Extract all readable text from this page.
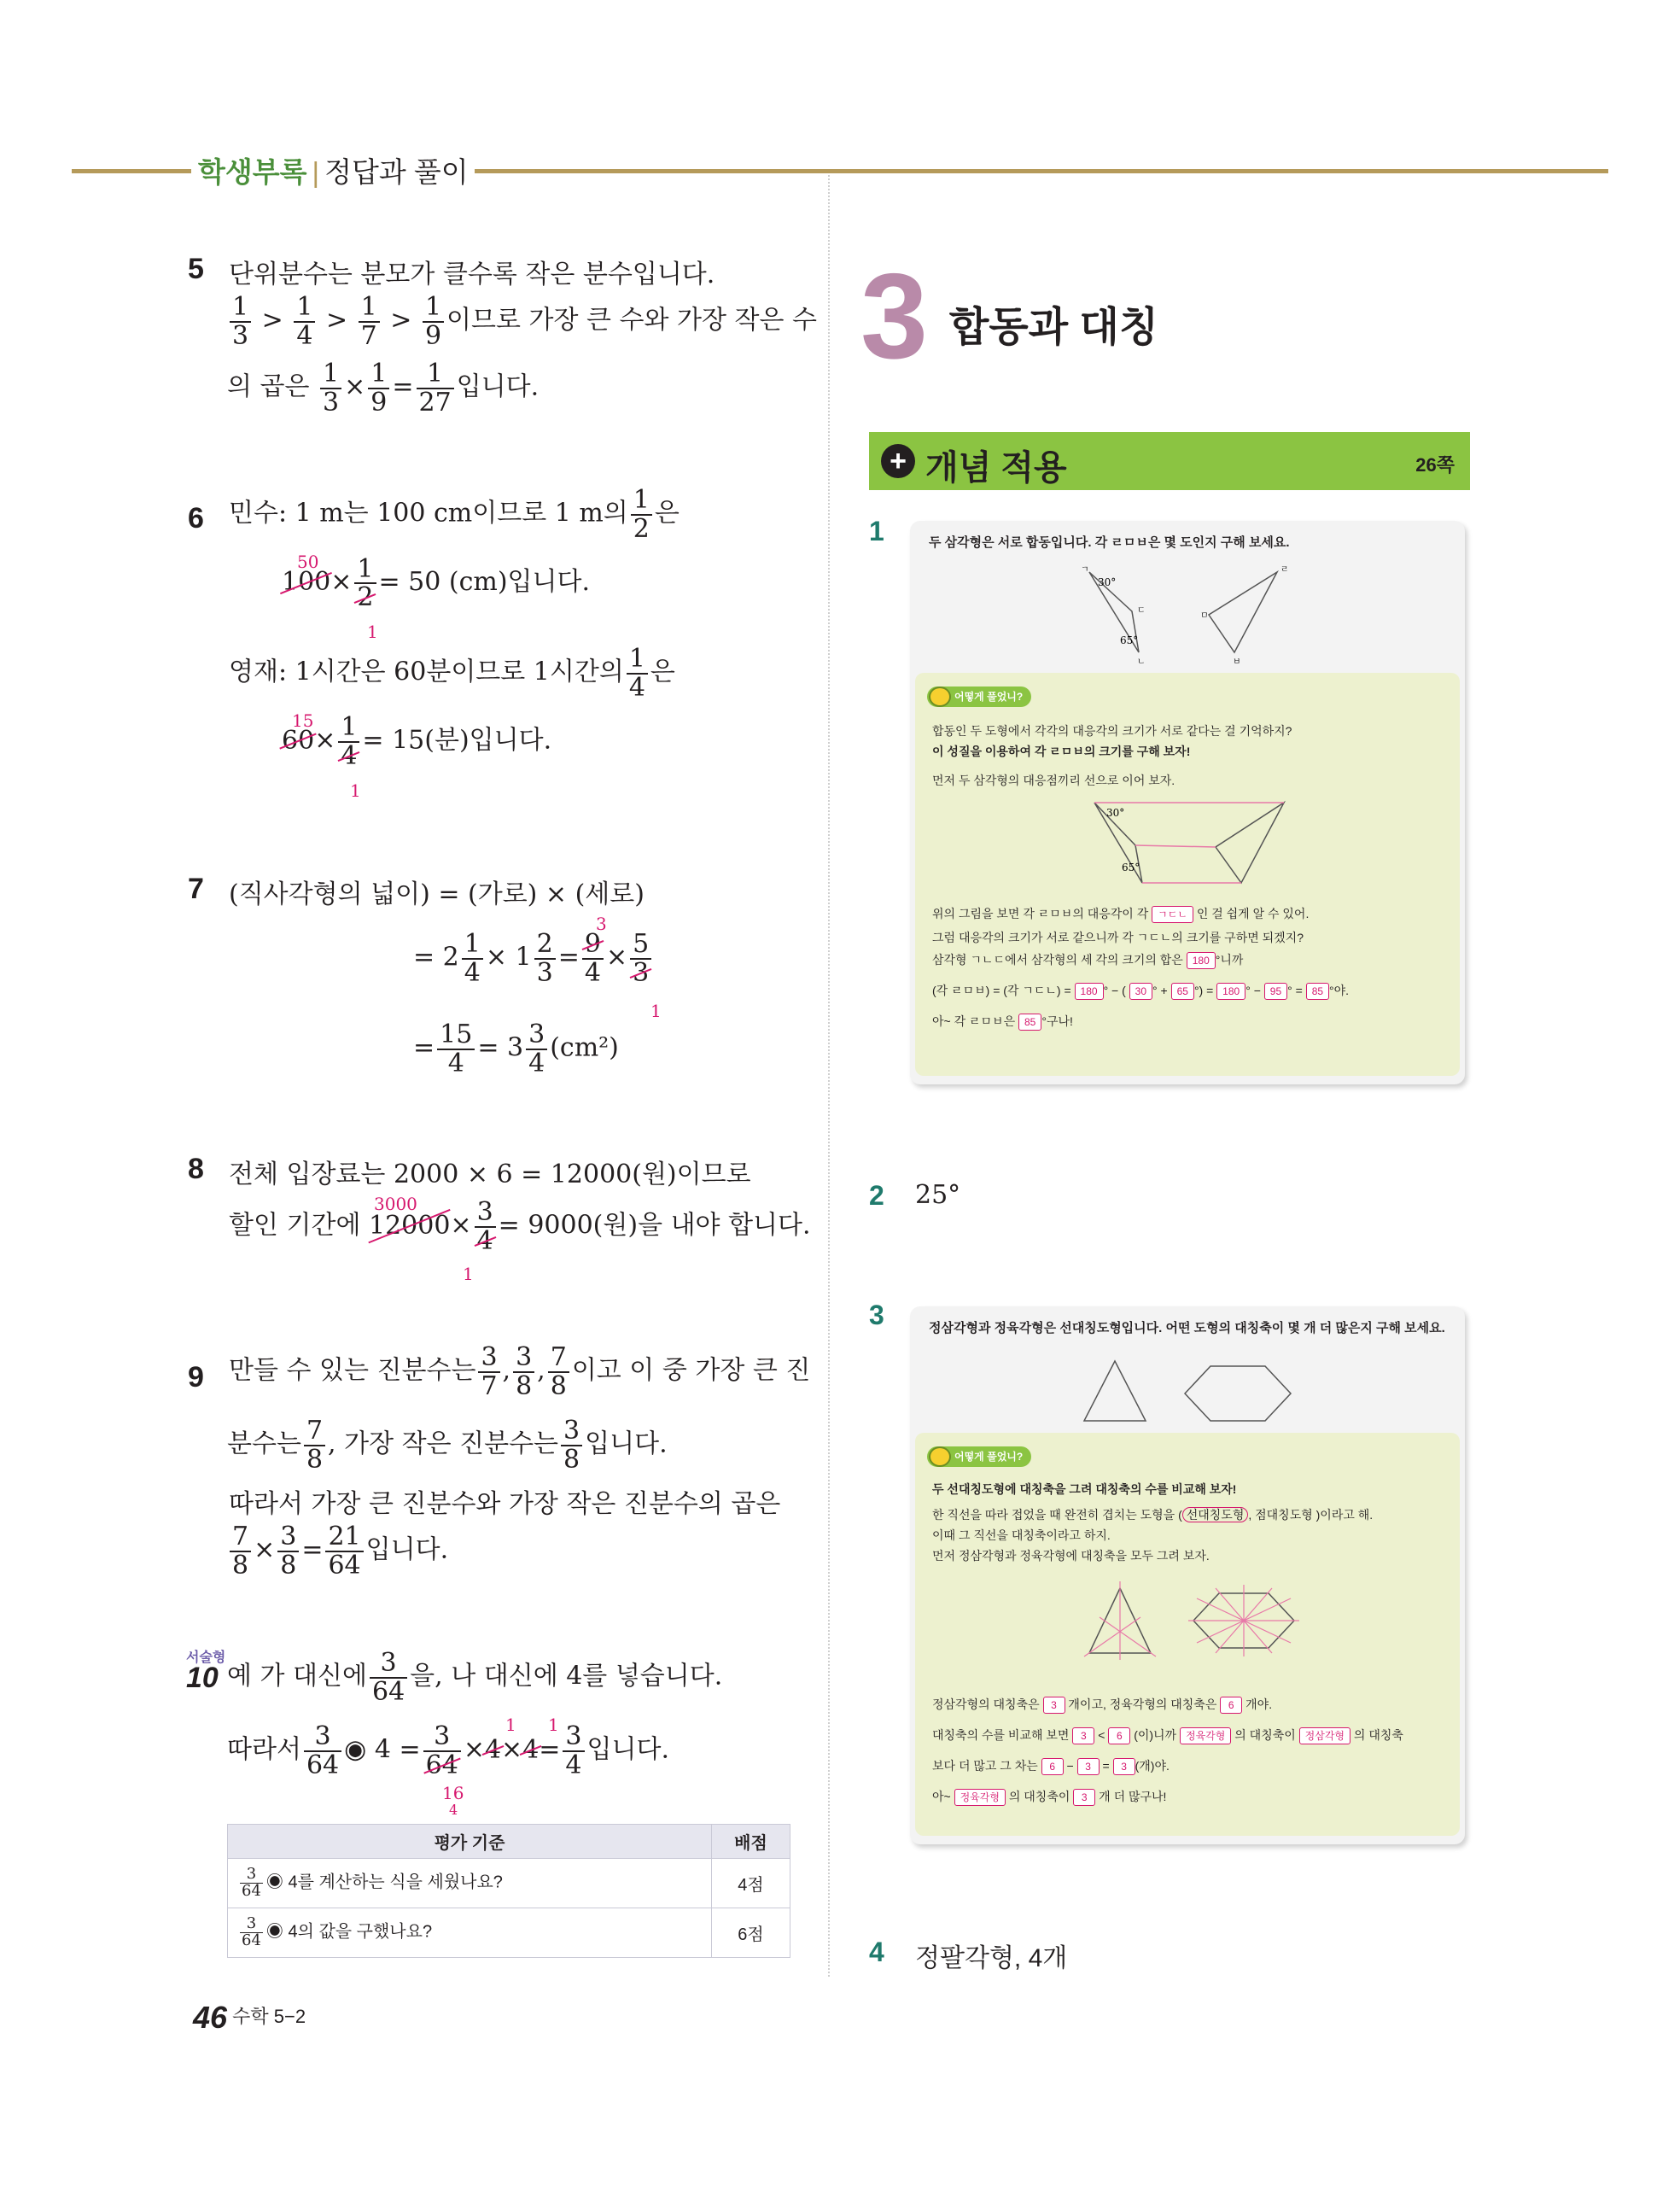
학생부록 | 정답과 풀이
5 단위분수는 분모가 클수록 작은 분수입니다.
$\frac{1}{3} > \frac{1}{4} > \frac{1}{7} > \frac{1}{9}$ 이므로 가장 큰 수와 가장 작은 수
의 곱은 $\frac{1}{3} \times \frac{1}{9} = \frac{1}{27}$ 입니다.
6 민수: 1 m는 100 cm이므로 1 m의 $\frac{1}{2}$ 은
50
$100\times \frac{1}{2} = 50$ (cm)입니다.
1
영재: 1시간은 60분이므로 1시간의 $\frac{1}{4}$ 은
15
$60\times \frac{1}{4} = 15$(분)입니다.
1
7 (직사각형의 넓이) = (가로) × (세로)
= $2 \frac{1}{4} \times 1 \frac{2}{3} = \frac{9}{4} \times \frac{5}{3}$
3
1
= $\frac{15}{4} = 3 \frac{3}{4} (cm^2)$
8 전체 입장료는 2000 × 6 = 12000(원)이므로
할인 기간에
3000
$12000\times \frac{3}{4} = 9000$(원)을 내야 합니다.
1
9 만들 수 있는 진분수는 $\frac{3}{7}$ , $\frac{3}{8}$ , $\frac{7}{8}$ 이고 이 중 가장 큰 진
분수는 $\frac{7}{8}$ , 가장 작은 진분수는 $\frac{3}{8}$ 입니다.
따라서 가장 큰 진분수와 가장 작은 진분수의 곱은
$\frac{7}{8} \times \frac{3}{8} = \frac{21}{64}$ 입니다.
서술형
10 예 가 대신에 $\frac{3}{64}$ 을, 나 대신에 4를 넣습니다.
따라서 $\frac{3}{64}$ ◉ $4 = \frac{3}{64} \times 4\times 4= \frac{3}{4}$ 입니다.
1 1
16
4
평가 기준	배점

$\frac{3}{64}$ ◉ 4를 계산하는 식을 세웠나요?	4점

$\frac{3}{64}$ ◉ 4의 값을 구했나요?	6점
46 수학 5−2
3 합동과 대칭
+ 개념 적용	26쪽
1	두 삼각형은 서로 합동입니다. 각 ㄹㅁㅂ은 몇 도인지 구해 보세요.
ㄱ
ㄴ
ㄷ
ㄹ
ㅁ
ㅂ
30°
65°
어떻게 풀었니?
합동인 두 도형에서 각각의 대응각의 크기가 서로 같다는 걸 기억하지?
이 성질을 이용하여 각 ㄹㅁㅂ의 크기를 구해 보자!
먼저 두 삼각형의 대응점끼리 선으로 이어 보자.
30°
65°
위의 그림을 보면 각 ㄹㅁㅂ의 대응각이 각 ㄱㄷㄴ 인 걸 쉽게 알 수 있어.
그럼 대응각의 크기가 서로 같으니까 각 ㄱㄷㄴ의 크기를 구하면 되겠지?
삼각형 ㄱㄴㄷ에서 삼각형의 세 각의 크기의 합은 180 °니까
(각 ㄹㅁㅂ) = (각 ㄱㄷㄴ) = 180 ° − ( 30 ° + 65 °) = 180 ° − 95 ° = 85 °야.
아~ 각 ㄹㅁㅂ은 85 °구나!
2 25°
3	정삼각형과 정육각형은 선대칭도형입니다. 어떤 도형의 대칭축이 몇 개 더 많은지 구해 보세요.
어떻게 풀었니?
두 선대칭도형에 대칭축을 그려 대칭축의 수를 비교해 보자!
한 직선을 따라 접었을 때 완전히 겹치는 도형을 ( 선대칭도형 , 점대칭도형 )이라고 해.
이때 그 직선을 대칭축이라고 하지.
먼저 정삼각형과 정육각형에 대칭축을 모두 그려 보자.
정삼각형의 대칭축은 3 개이고, 정육각형의 대칭축은 6 개야.
대칭축의 수를 비교해 보면 3 < 6 (이)니까 정육각형 의 대칭축이 정삼각형 의 대칭축
보다 더 많고 그 차는 6 − 3 = 3 (개)야.
아~ 정육각형 의 대칭축이 3 개 더 많구나!
4 정팔각형, 4개
